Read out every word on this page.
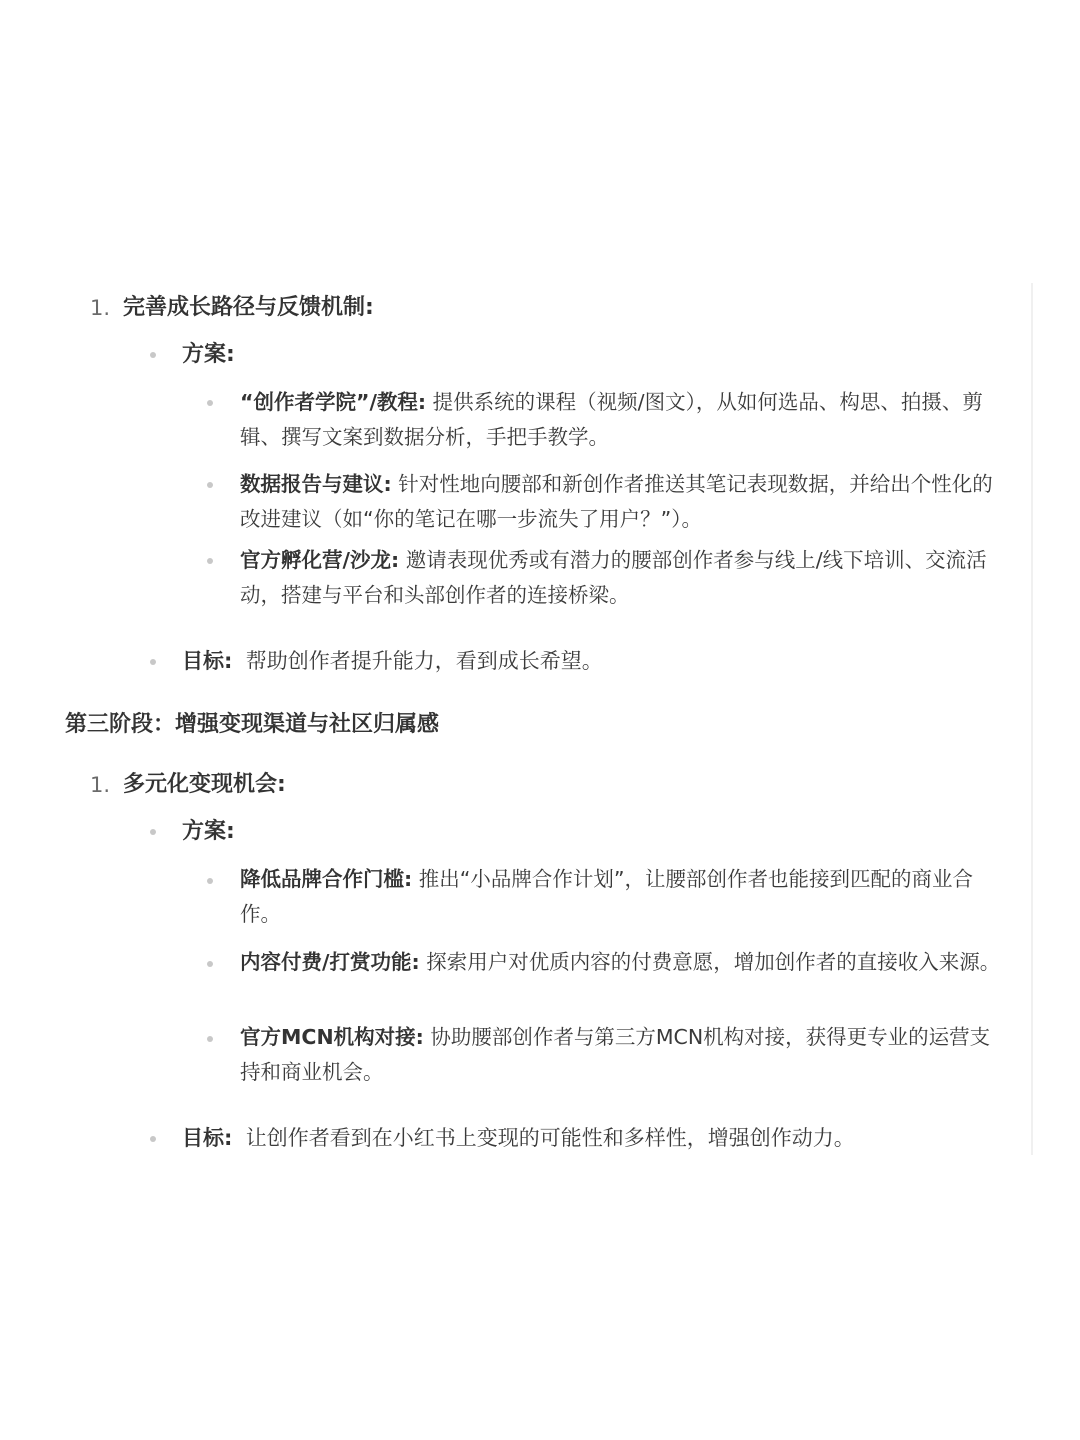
1. 完善成长路径与反馈机制:
方案:
“创作者学院”/教程: 提供系统的课程（视频/图文），从如何选品、构思、拍摄、剪辑、撰写文案到数据分析，手把手教学。
数据报告与建议: 针对性地向腰部和新创作者推送其笔记表现数据，并给出个性化的改进建议（如“你的笔记在哪一步流失了用户？”）。
官方孵化营/沙龙: 邀请表现优秀或有潜力的腰部创作者参与线上/线下培训、交流活动，搭建与平台和头部创作者的连接桥梁。
目标: 帮助创作者提升能力，看到成长希望。
第三阶段：增强变现渠道与社区归属感
1. 多元化变现机会:
方案:
降低品牌合作门槛: 推出“小品牌合作计划”，让腰部创作者也能接到匹配的商业合作。
内容付费/打赏功能: 探索用户对优质内容的付费意愿，增加创作者的直接收入来源。
官方MCN机构对接: 协助腰部创作者与第三方MCN机构对接，获得更专业的运营支持和商业机会。
目标: 让创作者看到在小红书上变现的可能性和多样性，增强创作动力。
